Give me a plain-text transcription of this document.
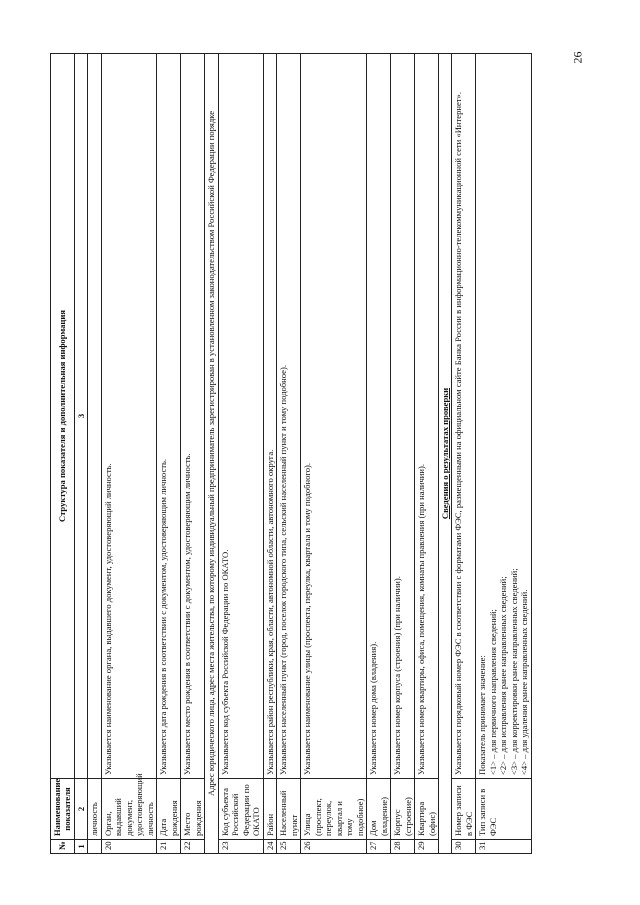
26
№	Наименование показателя	Структура показателя и дополнительная информация
1	2	3
	личность	
20	Орган, выдавший документ, удостоверяющий личность	Указывается наименование органа, выдавшего документ, удостоверяющий личность.
21	Дата рождения	Указывается дата рождения в соответствии с документом, удостоверяющим личность.
22	Место рождения	Указывается место рождения в соответствии с документом, удостоверяющим личность.
Адрес юридического лица, адрес места жительства, по которому индивидуальный предприниматель зарегистрирован в установленном законодательством Российской Федерации порядке		
23	Код субъекта Российской Федерации по ОКАТО	Указывается код субъекта Российской Федерации по ОКАТО.
24	Район	Указывается район республики, края, области, автономной области, автономного округа.
25	Населенный пункт	Указывается населенный пункт (город, поселок городского типа, сельский населенный пункт и тому подобное).
26	Улица (проспект, переулок, квартал и тому подобное)	Указывается наименование улицы (проспекта, переулка, квартала и тому подобного).
27	Дом (владение)	Указывается номер дома (владения).
28	Корпус (строение)	Указывается номер корпуса (строения) (при наличии).
29	Квартира (офис)	Указывается номер квартиры, офиса, помещения, комнаты правления (при наличии).
Сведения о результатах проверки		
30	Номер записи в ФЭС	Указывается порядковый номер ФЭС в соответствии с форматами ФЭС, размещенными на официальном сайте Банка России в информационно-телекоммуникационной сети «Интернет».
31	Тип записи в ФЭС	Показатель принимает значение: <1> – для первичного направления сведений; <2> – для исправления ранее направленных сведений; <3> – для корректировки ранее направленных сведений; <4> – для удаления ранее направленных сведений.
